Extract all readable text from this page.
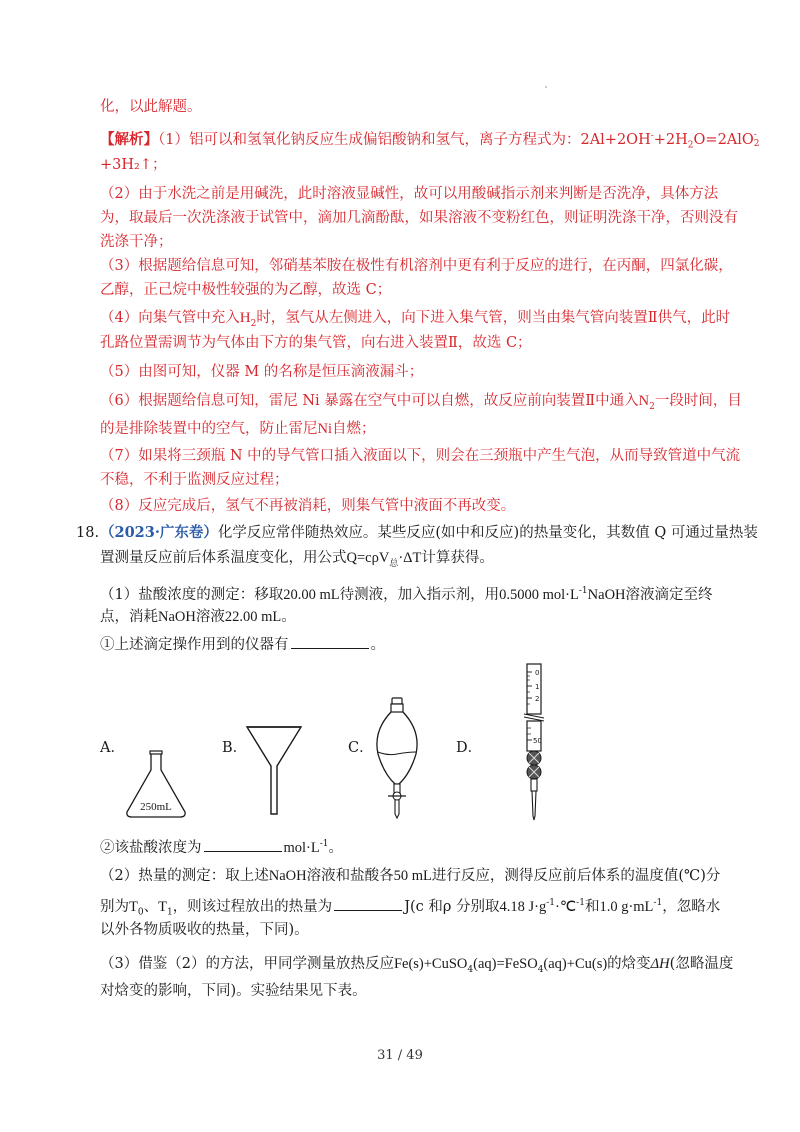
化，以此解题。
【解析】（1）铝可以和氢氧化钠反应生成偏铝酸钠和氢气，离子方程式为：$2Al+2OH^-+2H_2O=2AlO$ -
2
+3H₂↑；
（2）由于水洗之前是用碱洗，此时溶液显碱性，故可以用酸碱指示剂来判断是否洗净，具体方法
为，取最后一次洗涤液于试管中，滴加几滴酚酞，如果溶液不变粉红色，则证明洗涤干净，否则没有
洗涤干净；
（3）根据题给信息可知，邻硝基苯胺在极性有机溶剂中更有利于反应的进行，在丙酮，四氯化碳，
乙醇，正己烷中极性较强的为乙醇，故选 C；
（4）向集气管中充入$H_2$时，氢气从左侧进入，向下进入集气管，则当由集气管向装置Ⅱ供气，此时
孔路位置需调节为气体由下方的集气管，向右进入装置Ⅱ，故选 C；
（5）由图可知，仪器 M 的名称是恒压滴液漏斗；
（6）根据题给信息可知，雷尼 Ni 暴露在空气中可以自燃，故反应前向装置Ⅱ中通入$N_2$一段时间，目
的是排除装置中的空气，防止雷尼Ni自燃；
（7）如果将三颈瓶 N 中的导气管口插入液面以下，则会在三颈瓶中产生气泡，从而导致管道中气流
不稳，不利于监测反应过程；
（8）反应完成后，氢气不再被消耗，则集气管中液面不再改变。
18. （2023·广东卷）化学反应常伴随热效应。某些反应(如中和反应)的热量变化，其数值 Q 可通过量热装
置测量反应前后体系温度变化，用公式Q=cρV$_总$·ΔT计算获得。
（1）盐酸浓度的测定：移取20.00 mL待测液，加入指示剂，用0.5000 $mol\cdot L^{-1}NaOH$溶液滴定至终
点，消耗NaOH溶液22.00 mL。
①上述滴定操作用到的仪器有	。
A．
250mL
B．	C．	D．
0
1
2
50
②该盐酸浓度为	$mol\cdot L^{-1}$。
（2）热量的测定：取上述NaOH溶液和盐酸各50 mL进行反应，测得反应前后体系的温度值(℃)分
别为$T_0$、$T_1$，则该过程放出的热量为	J(c 和ρ 分别取4.18 $J\cdot g^{-1}\cdot℃^{-1}$和1.0 $g\cdot mL^{-1}$，忽略水
以外各物质吸收的热量，下同)。
（3）借鉴（2）的方法，甲同学测量放热反应Fe(s)+CuSO$_4$(aq)=FeSO$_4$(aq)+Cu(s)的焓变ΔH(忽略温度
对焓变的影响，下同)。实验结果见下表。
31 / 49
